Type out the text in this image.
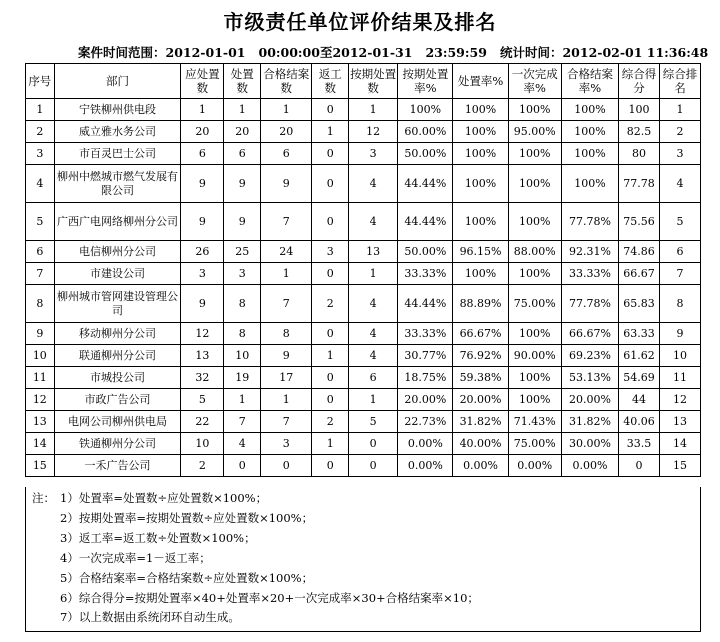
市级责任单位评价结果及排名
案件时间范围：2012-01-01   00:00:00至2012-01-31   23:59:59 统计时间：2012-02-01 11:36:48
序号	部门	应处置数	处置数	合格结案数	返工数	按期处置数	按期处置率%	处置率%	一次完成率%	合格结案率%	综合得分	综合排名
1	宁铁柳州供电段	1	1	1	0	1	100%	100%	100%	100%	100	1
2	威立雅水务公司	20	20	20	1	12	60.00%	100%	95.00%	100%	82.5	2
3	市百灵巴士公司	6	6	6	0	3	50.00%	100%	100%	100%	80	3
4	柳州中燃城市燃气发展有限公司	9	9	9	0	4	44.44%	100%	100%	100%	77.78	4
5	广西广电网络柳州分公司	9	9	7	0	4	44.44%	100%	100%	77.78%	75.56	5
6	电信柳州分公司	26	25	24	3	13	50.00%	96.15%	88.00%	92.31%	74.86	6
7	市建设公司	3	3	1	0	1	33.33%	100%	100%	33.33%	66.67	7
8	柳州城市管网建设管理公司	9	8	7	2	4	44.44%	88.89%	75.00%	77.78%	65.83	8
9	移动柳州分公司	12	8	8	0	4	33.33%	66.67%	100%	66.67%	63.33	9
10	联通柳州分公司	13	10	9	1	4	30.77%	76.92%	90.00%	69.23%	61.62	10
11	市城投公司	32	19	17	0	6	18.75%	59.38%	100%	53.13%	54.69	11
12	市政广告公司	5	1	1	0	1	20.00%	20.00%	100%	20.00%	44	12
13	电网公司柳州供电局	22	7	7	2	5	22.73%	31.82%	71.43%	31.82%	40.06	13
14	铁通柳州分公司	10	4	3	1	0	0.00%	40.00%	75.00%	30.00%	33.5	14
15	一禾广告公司	2	0	0	0	0	0.00%	0.00%	0.00%	0.00%	0	15
注： 1）处置率=处置数÷应处置数×100%；
2）按期处置率=按期处置数÷应处置数×100%；
3）返工率=返工数÷处置数×100%；
4）一次完成率=1－返工率；
5）合格结案率=合格结案数÷应处置数×100%；
6）综合得分=按期处置率×40+处置率×20+一次完成率×30+合格结案率×10；
7）以上数据由系统闭环自动生成。
